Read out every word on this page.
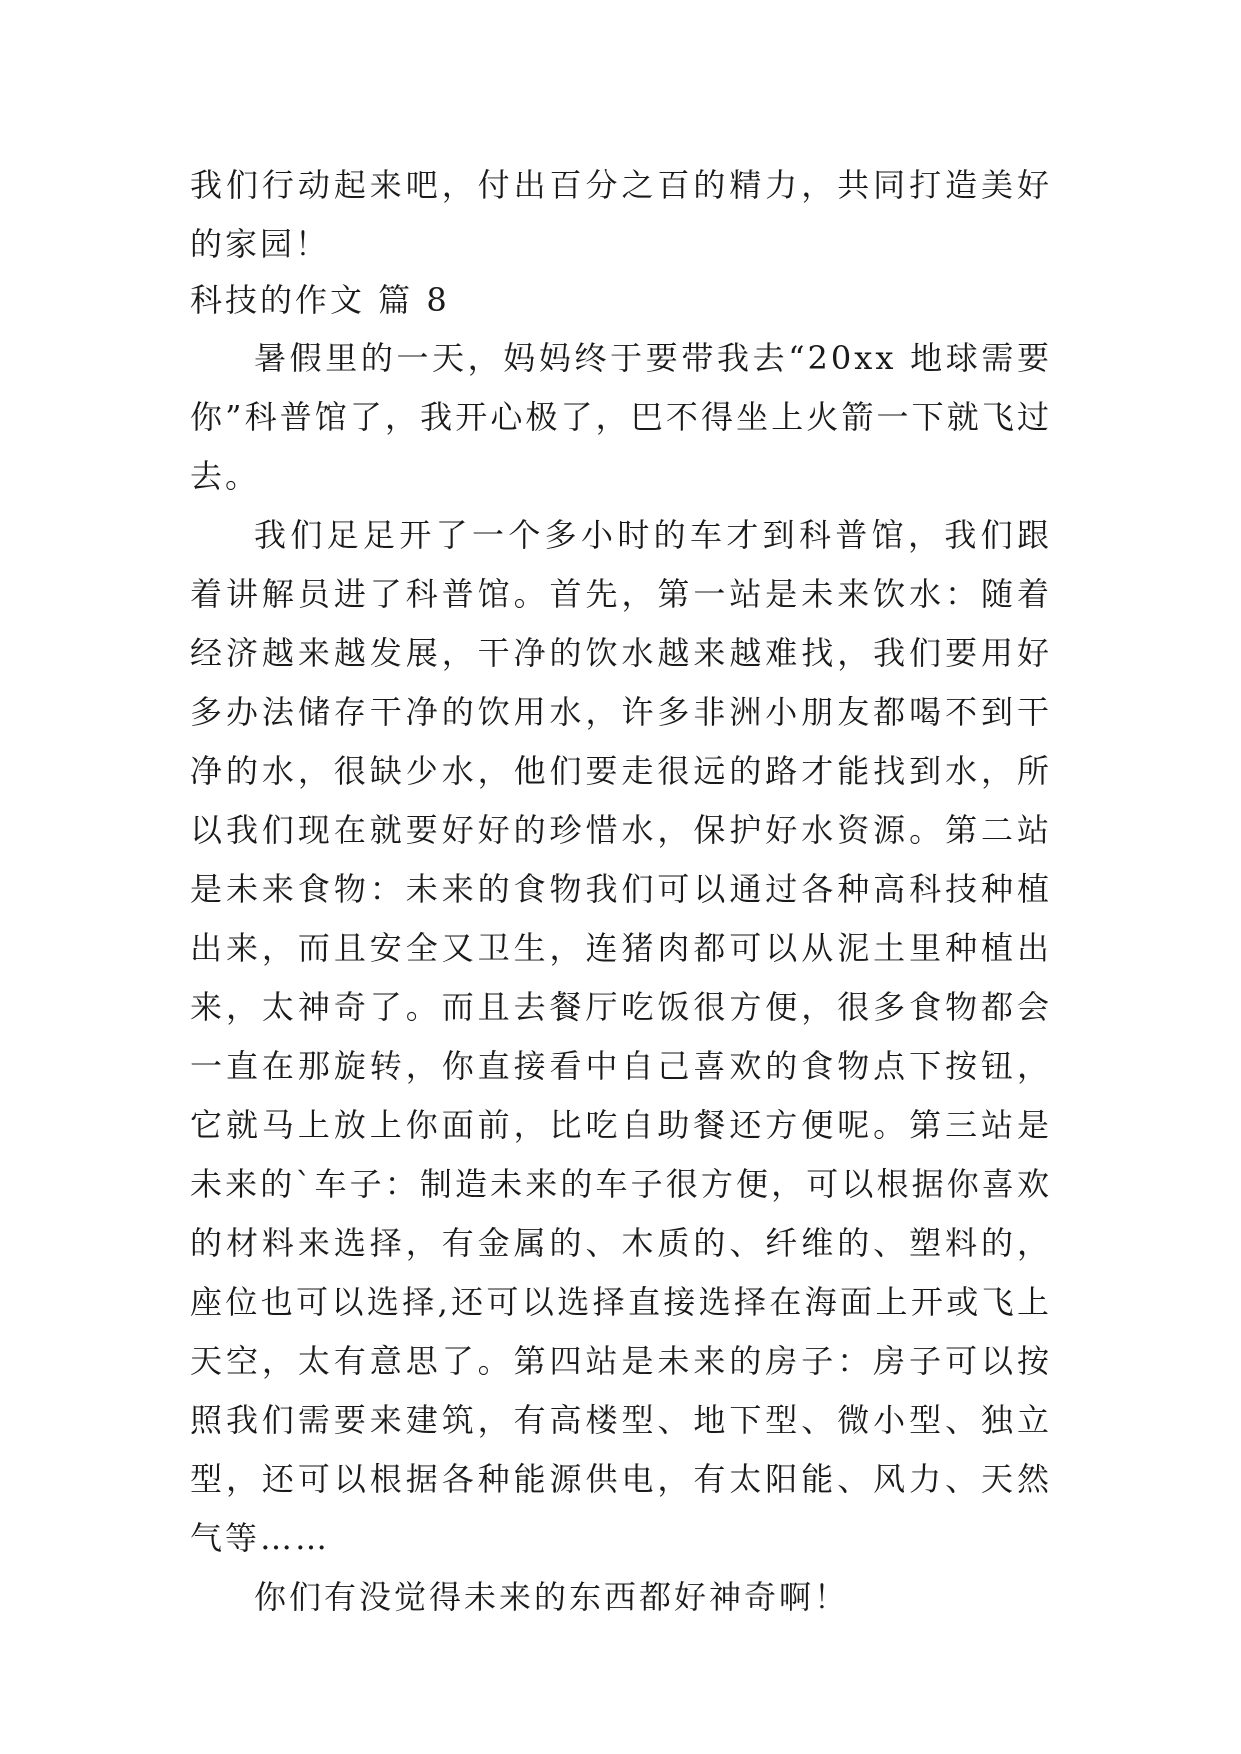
我们行动起来吧，付出百分之百的精力，共同打造美好的家园！

科技的作文 篇 8

暑假里的一天，妈妈终于要带我去“20xx 地球需要你”科普馆了，我开心极了，巴不得坐上火箭一下就飞过去。

我们足足开了一个多小时的车才到科普馆，我们跟着讲解员进了科普馆。首先，第一站是未来饮水：随着经济越来越发展，干净的饮水越来越难找，我们要用好多办法储存干净的饮用水，许多非洲小朋友都喝不到干净的水，很缺少水，他们要走很远的路才能找到水，所以我们现在就要好好的珍惜水，保护好水资源。第二站是未来食物：未来的食物我们可以通过各种高科技种植出来，而且安全又卫生，连猪肉都可以从泥土里种植出来，太神奇了。而且去餐厅吃饭很方便，很多食物都会一直在那旋转，你直接看中自己喜欢的食物点下按钮，它就马上放上你面前，比吃自助餐还方便呢。第三站是未来的`车子：制造未来的车子很方便，可以根据你喜欢的材料来选择，有金属的、木质的、纤维的、塑料的，座位也可以选择,还可以选择直接选择在海面上开或飞上天空，太有意思了。第四站是未来的房子：房子可以按照我们需要来建筑，有高楼型、地下型、微小型、独立型，还可以根据各种能源供电，有太阳能、风力、天然气等……

你们有没觉得未来的东西都好神奇啊！
